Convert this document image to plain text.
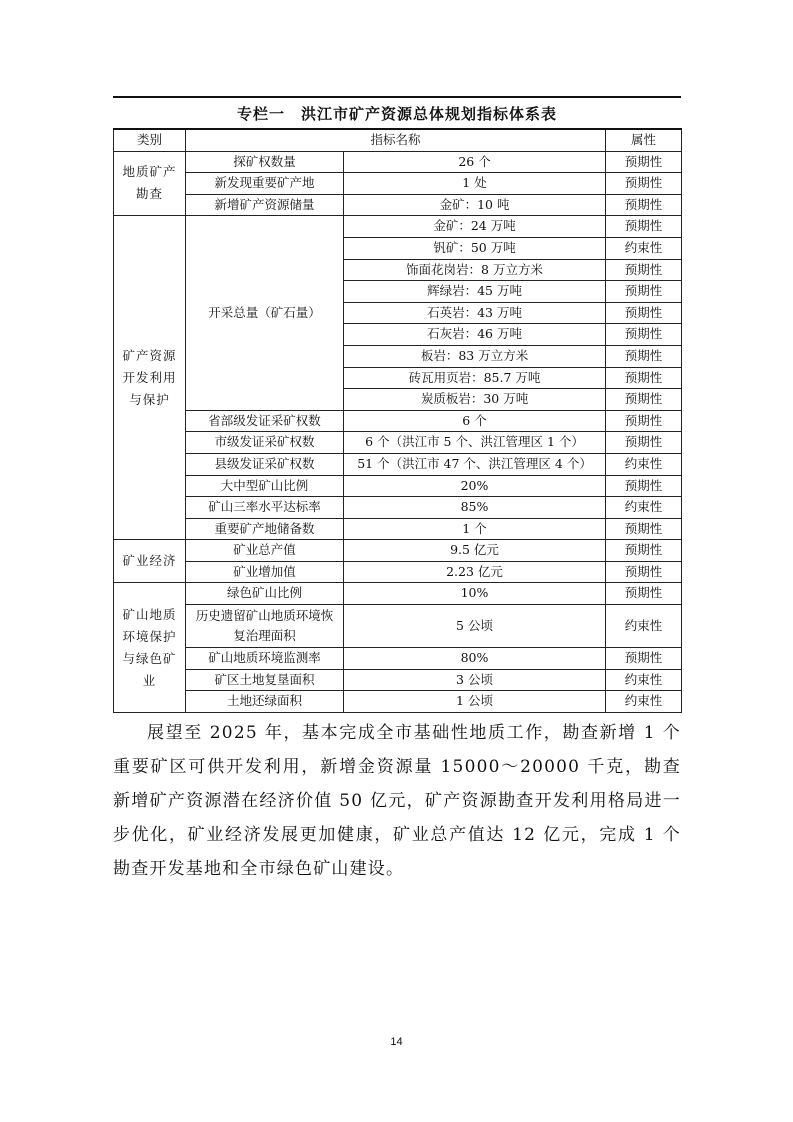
专栏一　洪江市矿产资源总体规划指标体系表
类别	指标名称		属性
地质矿产勘查	探矿权数量	26 个	预期性
	新发现重要矿产地	1 处	预期性
	新增矿产资源储量	金矿：10 吨	预期性
矿产资源开发利用与保护	开采总量（矿石量）	金矿：24 万吨	预期性
		钒矿：50 万吨	约束性
		饰面花岗岩：8 万立方米	预期性
		辉绿岩：45 万吨	预期性
		石英岩：43 万吨	预期性
		石灰岩：46 万吨	预期性
		板岩：83 万立方米	预期性
		砖瓦用页岩：85.7 万吨	预期性
		炭质板岩：30 万吨	预期性
	省部级发证采矿权数	6 个	预期性
	市级发证采矿权数	6 个（洪江市 5 个、洪江管理区 1 个）	预期性
	县级发证采矿权数	51 个（洪江市 47 个、洪江管理区 4 个）	约束性
	大中型矿山比例	20%	预期性
	矿山三率水平达标率	85%	约束性
	重要矿产地储备数	1 个	预期性
矿业经济	矿业总产值	9.5 亿元	预期性
	矿业增加值	2.23 亿元	预期性
矿山地质环境保护与绿色矿业	绿色矿山比例	10%	预期性
	历史遗留矿山地质环境恢复治理面积	5 公顷	约束性
	矿山地质环境监测率	80%	预期性
	矿区土地复垦面积	3 公顷	约束性
	土地还绿面积	1 公顷	约束性
展望至 2025 年，基本完成全市基础性地质工作，勘查新增 1 个重要矿区可供开发利用，新增金资源量 15000～20000 千克，勘查新增矿产资源潜在经济价值 50 亿元，矿产资源勘查开发利用格局进一步优化，矿业经济发展更加健康，矿业总产值达 12 亿元，完成 1 个勘查开发基地和全市绿色矿山建设。
14
